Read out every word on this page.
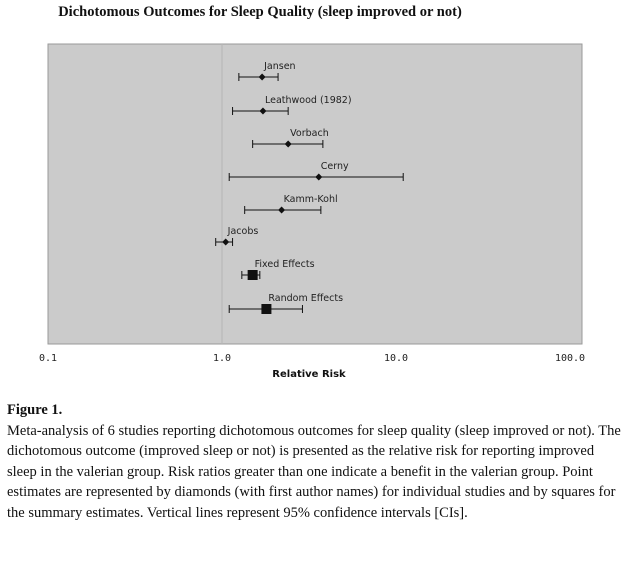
Dichotomous Outcomes for Sleep Quality (sleep improved or not)
Jansen
Leathwood (1982)
Vorbach
Cerny
Kamm-Kohl
Jacobs
Fixed Effects
Random Effects
0.1	1.0	10.0	100.0
Relative Risk
Figure 1.
Meta-analysis of 6 studies reporting dichotomous outcomes for sleep quality (sleep improved or not). The dichotomous outcome (improved sleep or not) is presented as the relative risk for reporting improved sleep in the valerian group. Risk ratios greater than one indicate a benefit in the valerian group. Point estimates are represented by diamonds (with first author names) for individual studies and by squares for the summary estimates. Vertical lines represent 95% confidence intervals [CIs].
